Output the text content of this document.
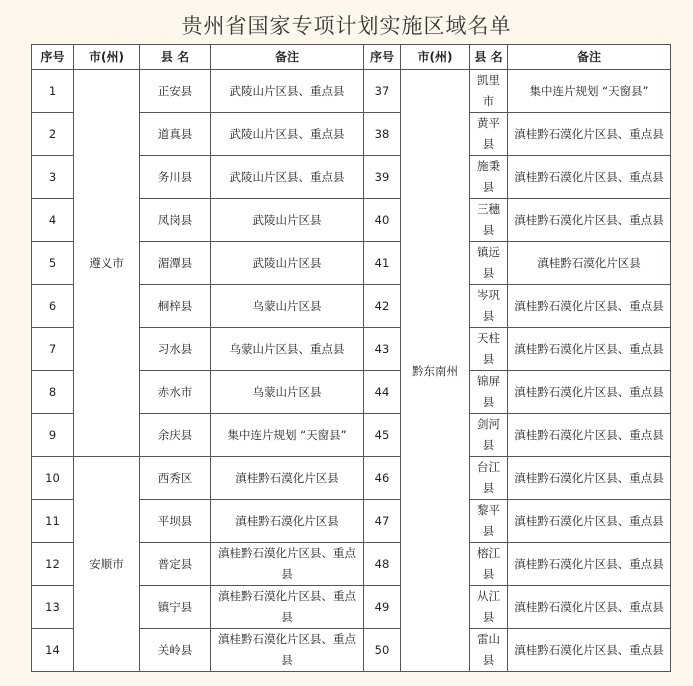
贵州省国家专项计划实施区域名单
序号	市(州)	县 名	备注	序号	市(州)	县 名	备注
1	遵义市	正安县	武陵山片区县、重点县	37	黔东南州	凯里市	集中连片规划 “天窗县”
2		道真县	武陵山片区县、重点县	38		黄平县	滇桂黔石漠化片区县、重点县
3		务川县	武陵山片区县、重点县	39		施秉县	滇桂黔石漠化片区县、重点县
4		凤岗县	武陵山片区县	40		三穗县	滇桂黔石漠化片区县、重点县
5		湄潭县	武陵山片区县	41		镇远县	滇桂黔石漠化片区县
6		桐梓县	乌蒙山片区县	42		岑巩县	滇桂黔石漠化片区县、重点县
7		习水县	乌蒙山片区县、重点县	43		天柱县	滇桂黔石漠化片区县、重点县
8		赤水市	乌蒙山片区县	44		锦屏县	滇桂黔石漠化片区县、重点县
9		余庆县	集中连片规划 “天窗县”	45		剑河县	滇桂黔石漠化片区县、重点县
10	安顺市	西秀区	滇桂黔石漠化片区县	46		台江县	滇桂黔石漠化片区县、重点县
11		平坝县	滇桂黔石漠化片区县	47		黎平县	滇桂黔石漠化片区县、重点县
12		普定县	滇桂黔石漠化片区县、重点县	48		榕江县	滇桂黔石漠化片区县、重点县
13		镇宁县	滇桂黔石漠化片区县、重点县	49		从江县	滇桂黔石漠化片区县、重点县
14		关岭县	滇桂黔石漠化片区县、重点县	50		雷山县	滇桂黔石漠化片区县、重点县
